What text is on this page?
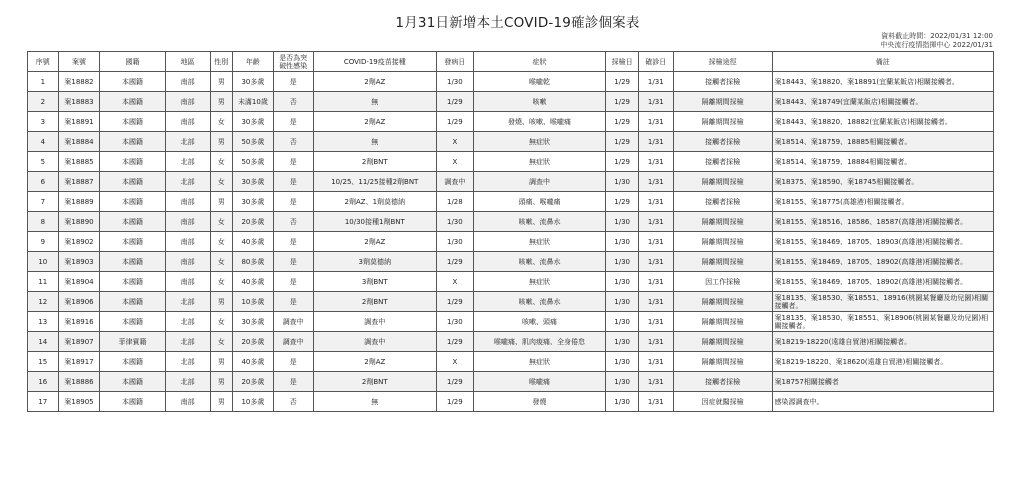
1月31日新增本土COVID-19確診個案表
資料截止時間：2022/01/31 12:00
中央流行疫情指揮中心 2022/01/31
序號	案號	國籍	地區	性別	年齡	是否為突破性感染	COVID-19疫苗接種	發病日	症狀	採檢日	確診日	採檢途徑	備註
1	案18882	本國籍	南部	男	30多歲	是	2劑AZ	1/30	喉嚨乾	1/29	1/31	接觸者採檢	案18443、案18820、案18891(宜蘭某飯店)相關接觸者。
2	案18883	本國籍	南部	男	未滿10歲	否	無	1/29	咳嗽	1/29	1/31	隔離期間採檢	案18443、案18749(宜蘭某飯店)相關接觸者。
3	案18891	本國籍	南部	女	30多歲	是	2劑AZ	1/29	發燒、咳嗽、喉嚨痛	1/29	1/31	隔離期間採檢	案18443、案18820、18882(宜蘭某飯店)相關接觸者。
4	案18884	本國籍	北部	男	50多歲	否	無	X	無症狀	1/29	1/31	接觸者採檢	案18514、案18759、18885相關接觸者。
5	案18885	本國籍	北部	女	50多歲	是	2劑BNT	X	無症狀	1/29	1/31	接觸者採檢	案18514、案18759、18884相關接觸者。
6	案18887	本國籍	北部	女	30多歲	是	10/25、11/25接種2劑BNT	調查中	調查中	1/30	1/31	隔離期間採檢	案18375、案18590、案18745相關接觸者。
7	案18889	本國籍	南部	男	30多歲	是	2劑AZ、1劑莫德納	1/28	頭痛、喉嚨痛	1/29	1/31	接觸者採檢	案18155、案18775(高雄港)相關接觸者。
8	案18890	本國籍	南部	女	20多歲	否	10/30接種1劑BNT	1/30	咳嗽、流鼻水	1/30	1/31	隔離期間採檢	案18155、案18516、18586、18587(高雄港)相關接觸者。
9	案18902	本國籍	南部	女	40多歲	是	2劑AZ	1/30	無症狀	1/30	1/31	隔離期間採檢	案18155、案18469、18705、18903(高雄港)相關接觸者。
10	案18903	本國籍	南部	女	80多歲	是	3劑莫德納	1/29	咳嗽、流鼻水	1/30	1/31	隔離期間採檢	案18155、案18469、18705、18902(高雄港)相關接觸者。
11	案18904	本國籍	南部	女	40多歲	是	3劑BNT	X	無症狀	1/30	1/31	因工作採檢	案18155、案18469、18705、18902(高雄港)相關接觸者。
12	案18906	本國籍	北部	男	10多歲	是	2劑BNT	1/29	咳嗽、流鼻水	1/30	1/31	隔離期間採檢	案18135、案18530、案18551、18916(桃園某餐廳及幼兒園)相關接觸者。
13	案18916	本國籍	北部	女	30多歲	調查中	調查中	1/30	咳嗽、頭痛	1/30	1/31	隔離期間採檢	案18135、案18530、案18551、案18906(桃園某餐廳及幼兒園)相關接觸者。
14	案18907	菲律賓籍	北部	女	20多歲	調查中	調查中	1/29	喉嚨痛、肌肉痠痛、全身倦怠	1/30	1/31	隔離期間採檢	案18219-18220(遠雄自貿港)相關接觸者。
15	案18917	本國籍	北部	男	40多歲	是	2劑AZ	X	無症狀	1/30	1/31	隔離期間採檢	案18219-18220、案18620(遠雄自貿港)相關接觸者。
16	案18886	本國籍	北部	男	20多歲	是	2劑BNT	1/29	喉嚨痛	1/30	1/31	接觸者採檢	案18757相關接觸者
17	案18905	本國籍	南部	男	10多歲	否	無	1/29	發燒	1/30	1/31	因症就醫採檢	感染源調查中。
